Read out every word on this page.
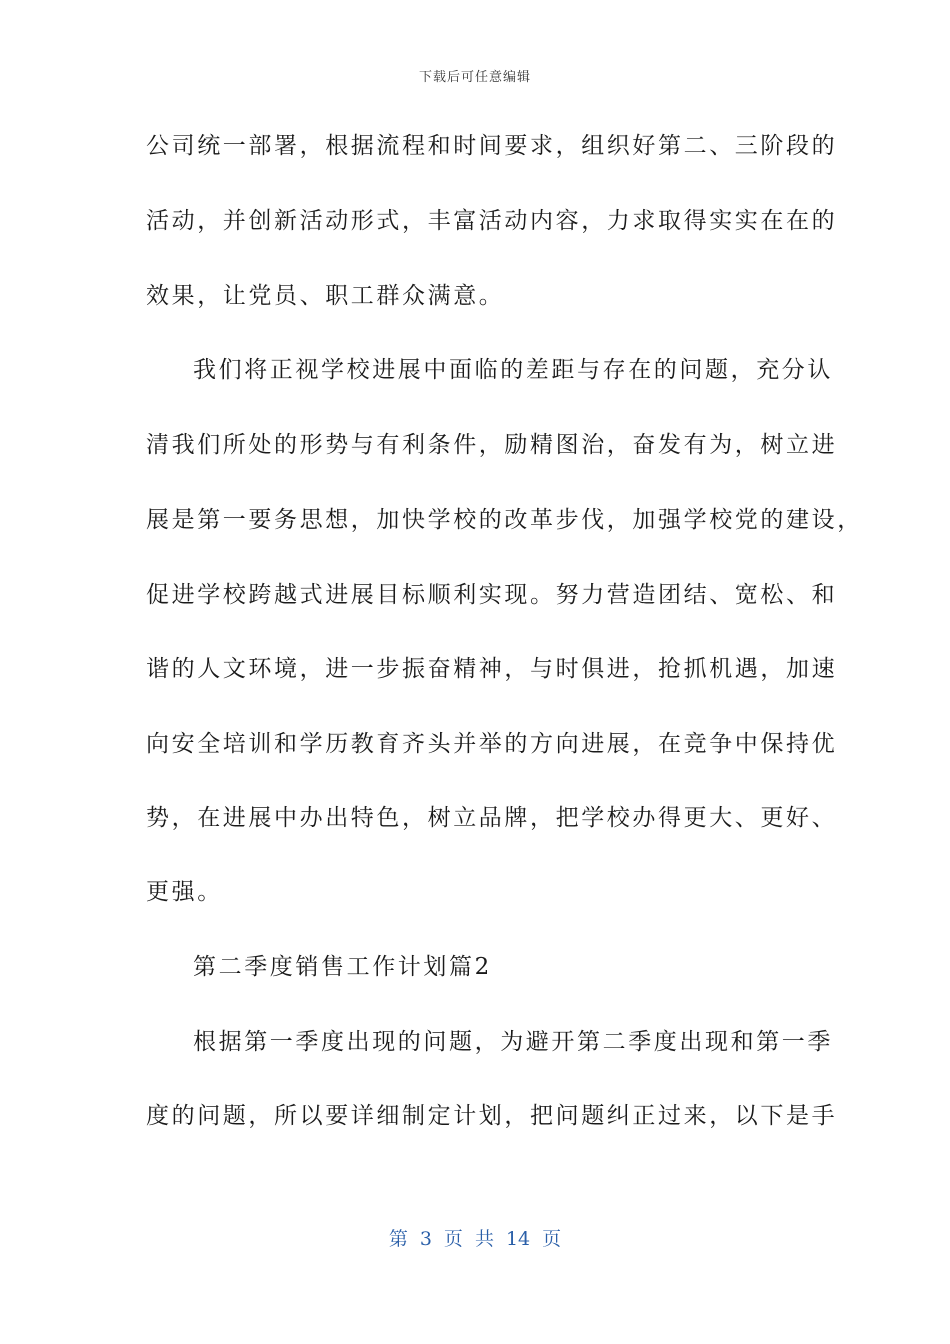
下载后可任意编辑
公司统一部署，根据流程和时间要求，组织好第二、三阶段的
活动，并创新活动形式，丰富活动内容，力求取得实实在在的
效果，让党员、职工群众满意。
我们将正视学校进展中面临的差距与存在的问题，充分认
清我们所处的形势与有利条件，励精图治，奋发有为，树立进
展是第一要务思想，加快学校的改革步伐，加强学校党的建设，
促进学校跨越式进展目标顺利实现。努力营造团结、宽松、和
谐的人文环境，进一步振奋精神，与时俱进，抢抓机遇，加速
向安全培训和学历教育齐头并举的方向进展，在竞争中保持优
势，在进展中办出特色，树立品牌，把学校办得更大、更好、
更强。
第二季度销售工作计划篇2
根据第一季度出现的问题，为避开第二季度出现和第一季
度的问题，所以要详细制定计划，把问题纠正过来，以下是手
第 3 页 共 14 页
